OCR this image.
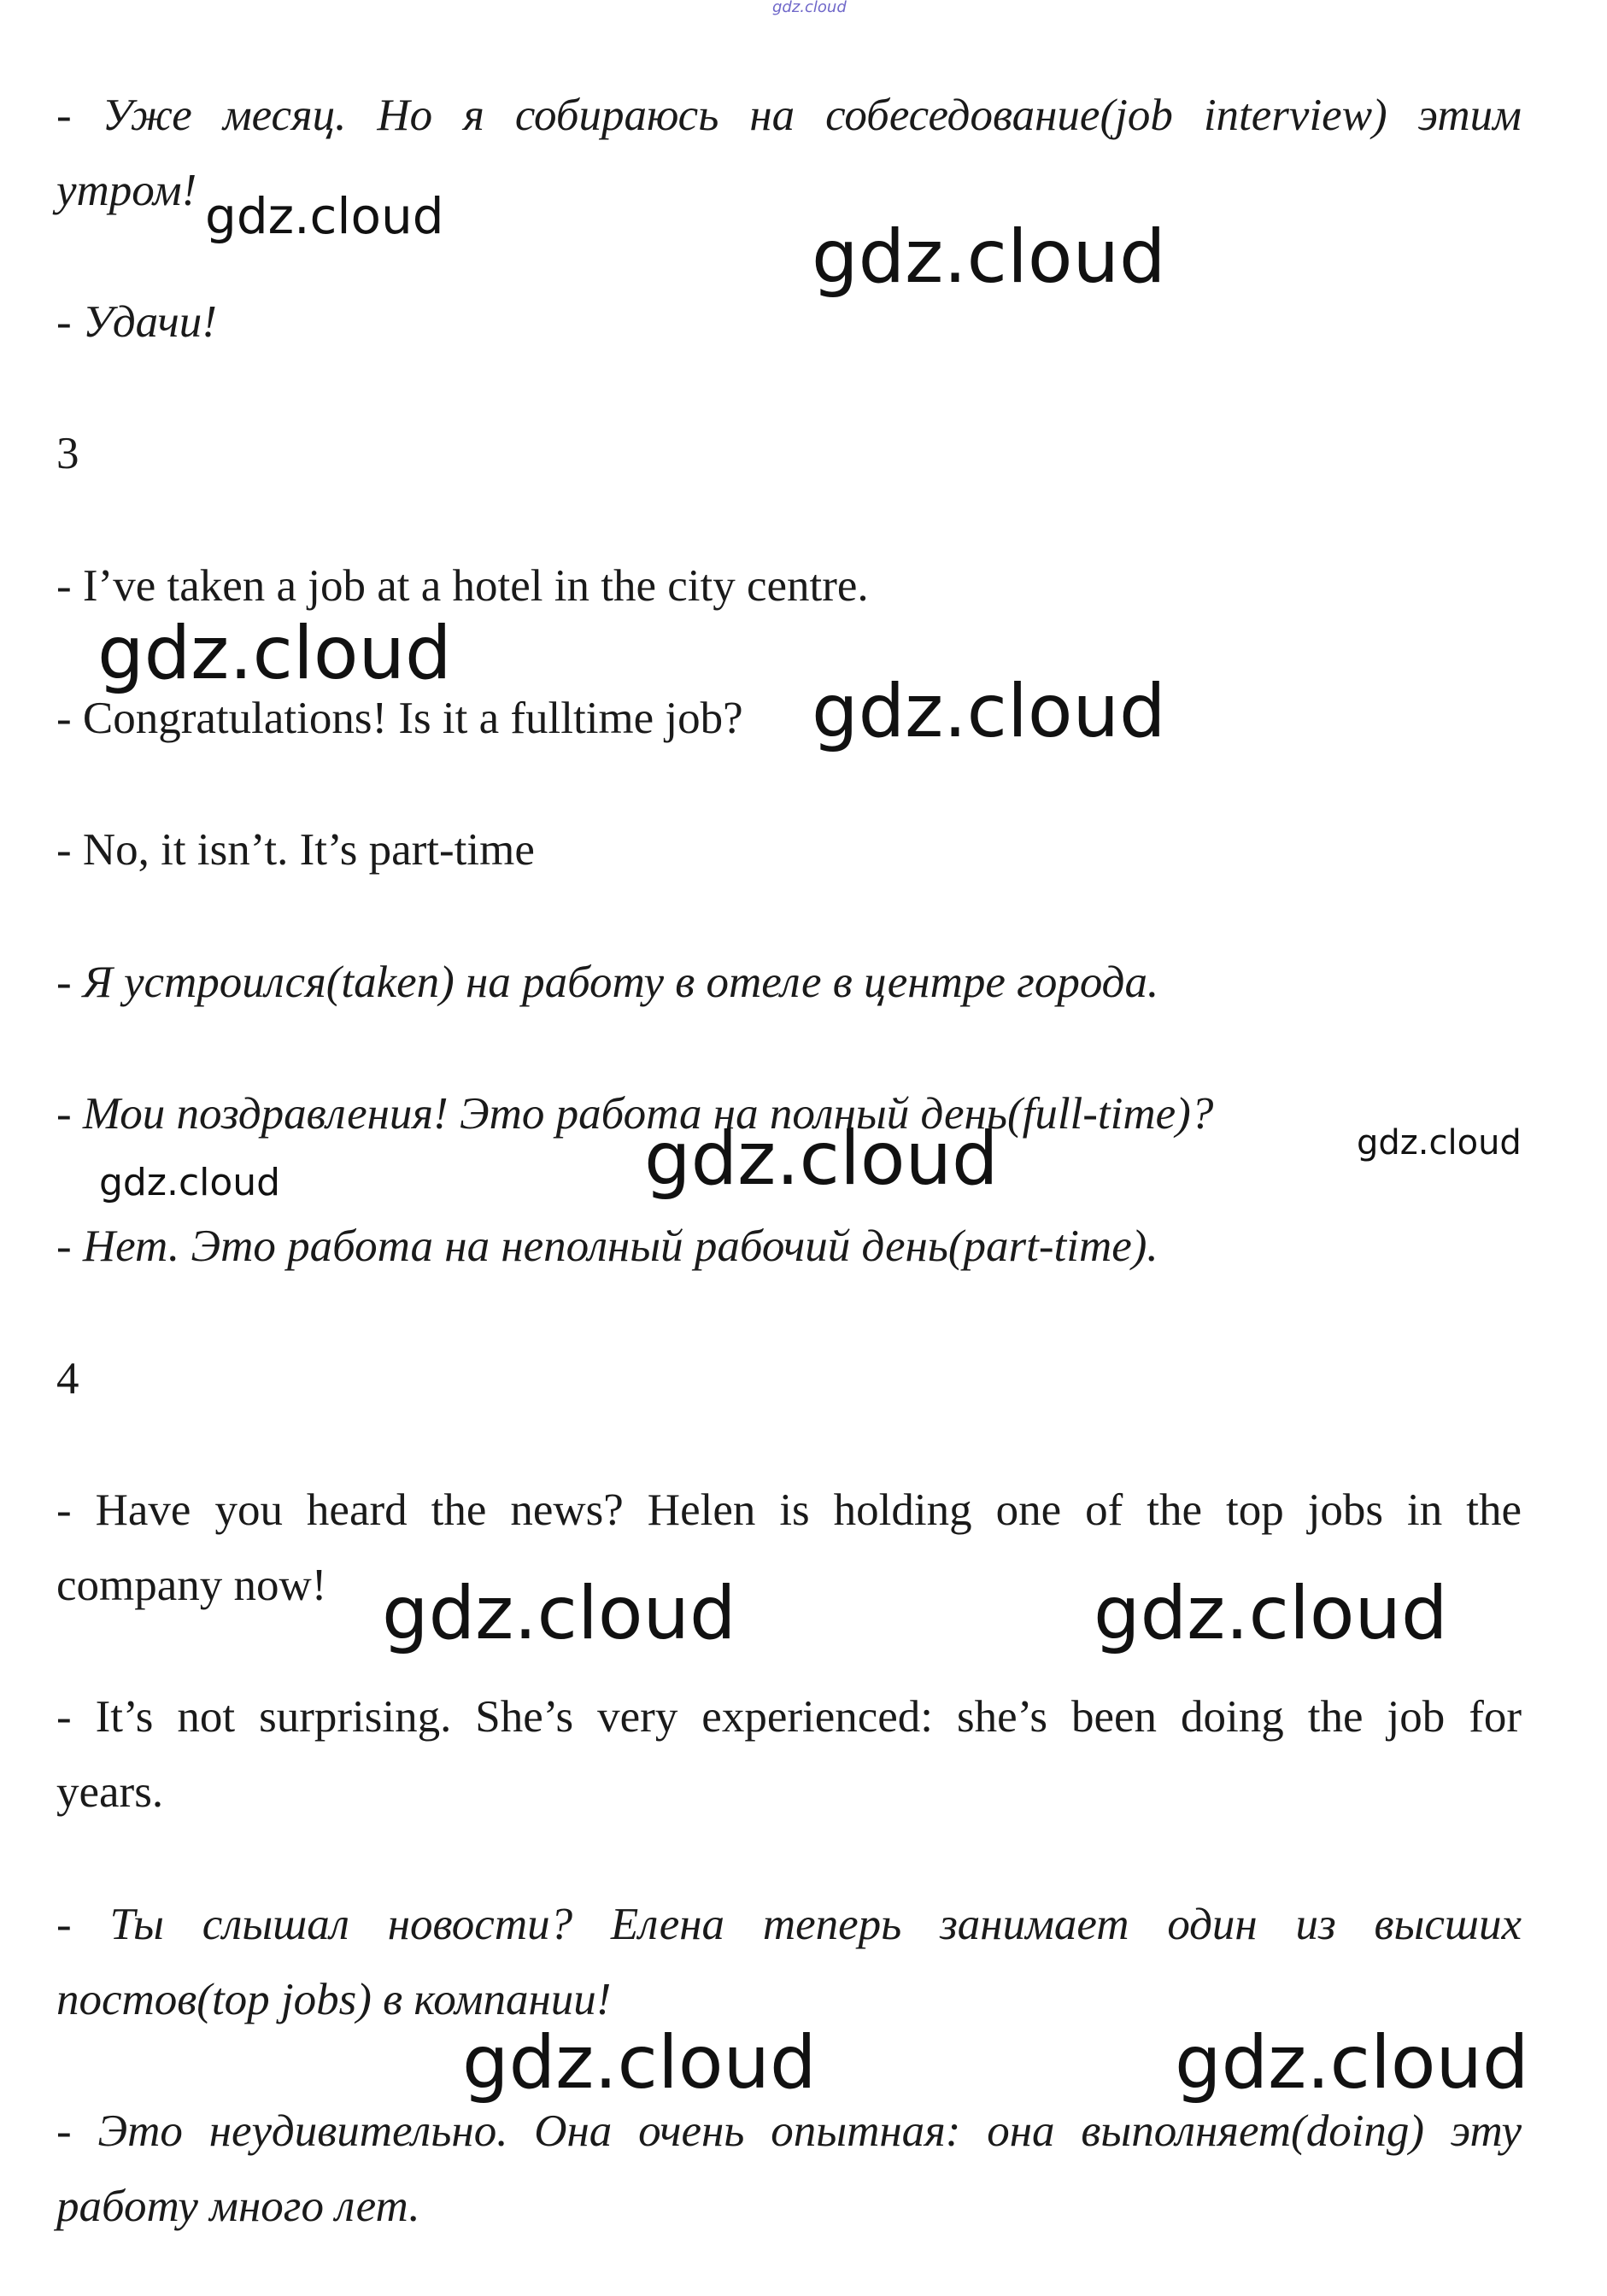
gdz.cloud
- Уже месяц. Но я собираюсь на собеседование(job interview) этим
утром!
- Удачи!
3
- I’ve taken a job at a hotel in the city centre.
- Congratulations! Is it a fulltime job?
- No, it isn’t. It’s part-time
- Я устроился(taken) на работу в отеле в центре города.
- Мои поздравления! Это работа на полный день(full-time)?
- Нет. Это работа на неполный рабочий день(part-time).
4
- Have you heard the news? Helen is holding one of the top jobs in the
company now!
- It’s not surprising. She’s very experienced: she’s been doing the job for
years.
- Ты слышал новости? Елена теперь занимает один из высших
постов(top jobs) в компании!
- Это неудивительно. Она очень опытная: она выполняет(doing) эту
работу много лет.
gdz.cloud	gdz.cloud
gdz.cloud
gdz.cloud
gdz.cloud	gdz.cloud
gdz.cloud
gdz.cloud	gdz.cloud
gdz.cloud	gdz.cloud
